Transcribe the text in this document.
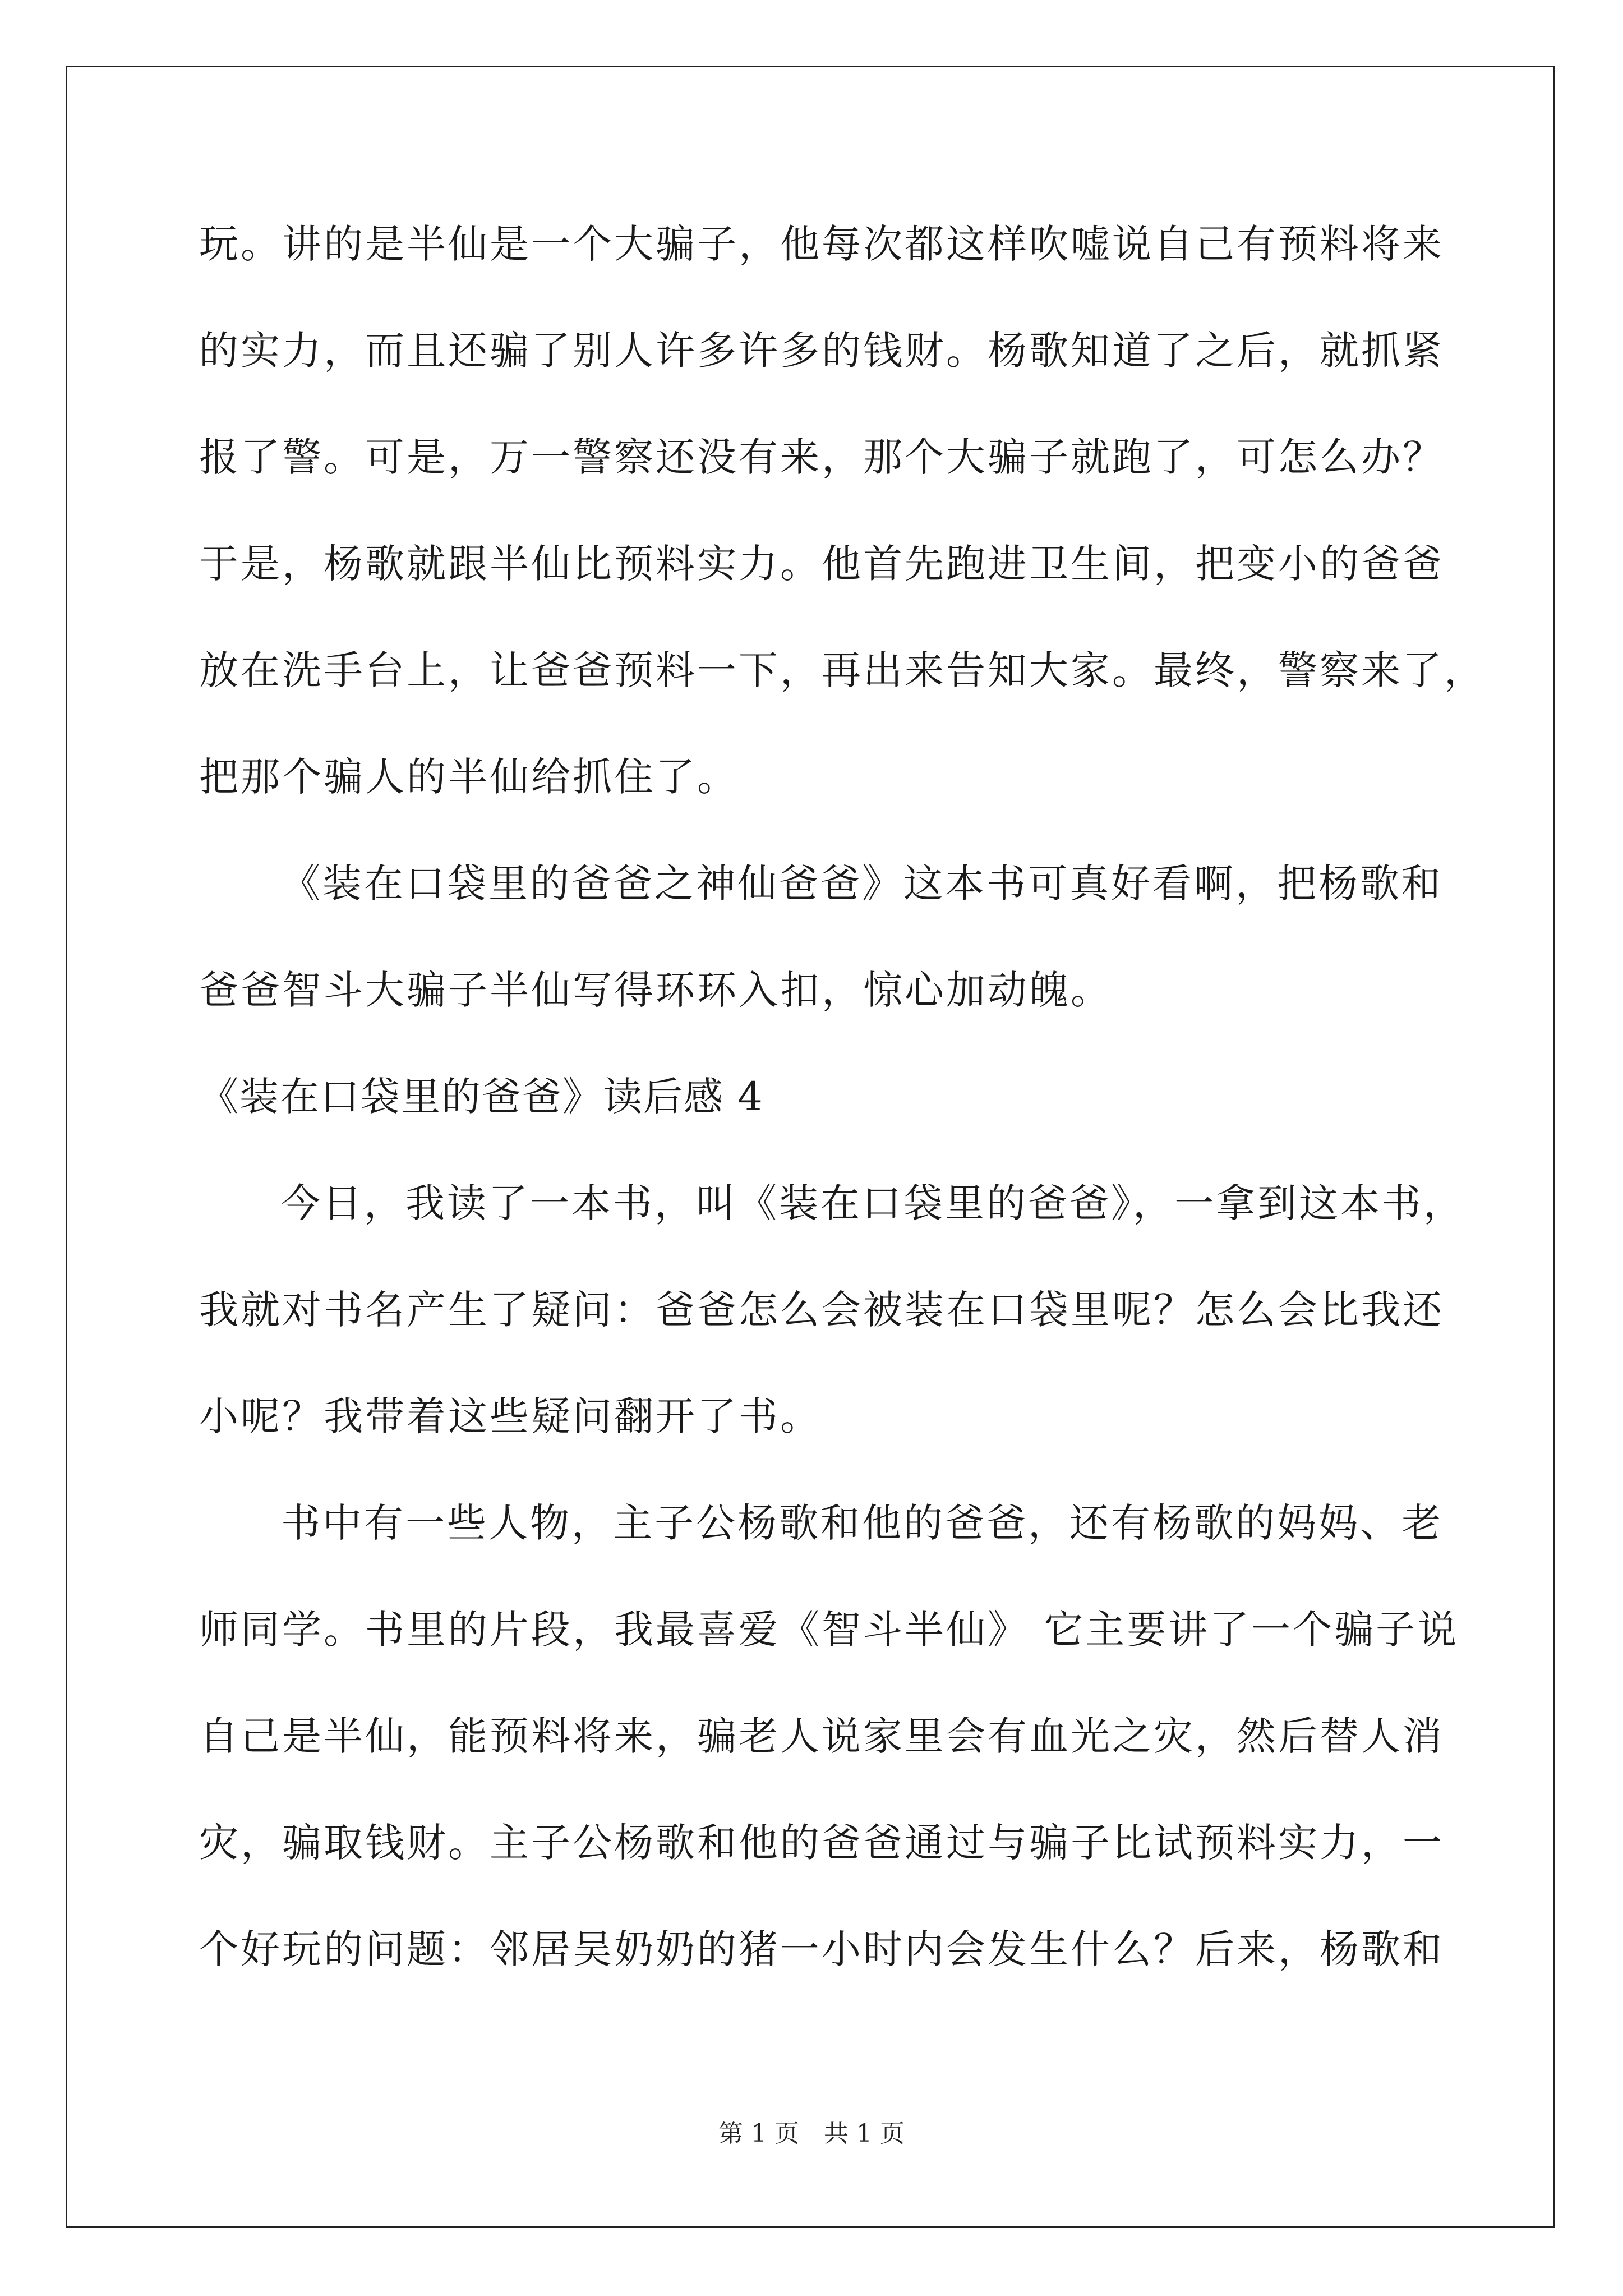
玩。讲的是半仙是一个大骗子，他每次都这样吹嘘说自己有预料将来
的实力，而且还骗了别人许多许多的钱财。杨歌知道了之后，就抓紧
报了警。可是，万一警察还没有来，那个大骗子就跑了，可怎么办？
于是，杨歌就跟半仙比预料实力。他首先跑进卫生间，把变小的爸爸
放在洗手台上，让爸爸预料一下，再出来告知大家。最终，警察来了，
把那个骗人的半仙给抓住了。
《装在口袋里的爸爸之神仙爸爸》这本书可真好看啊，把杨歌和
爸爸智斗大骗子半仙写得环环入扣，惊心加动魄。
《装在口袋里的爸爸》读后感 4
今日，我读了一本书，叫《装在口袋里的爸爸》，一拿到这本书，
我就对书名产生了疑问：爸爸怎么会被装在口袋里呢？怎么会比我还
小呢？我带着这些疑问翻开了书。
书中有一些人物，主子公杨歌和他的爸爸，还有杨歌的妈妈、老
师同学。书里的片段，我最喜爱《智斗半仙》 它主要讲了一个骗子说
自己是半仙，能预料将来，骗老人说家里会有血光之灾，然后替人消
灾，骗取钱财。主子公杨歌和他的爸爸通过与骗子比试预料实力，一
个好玩的问题：邻居吴奶奶的猪一小时内会发生什么？后来，杨歌和
第 1 页　共 1 页
